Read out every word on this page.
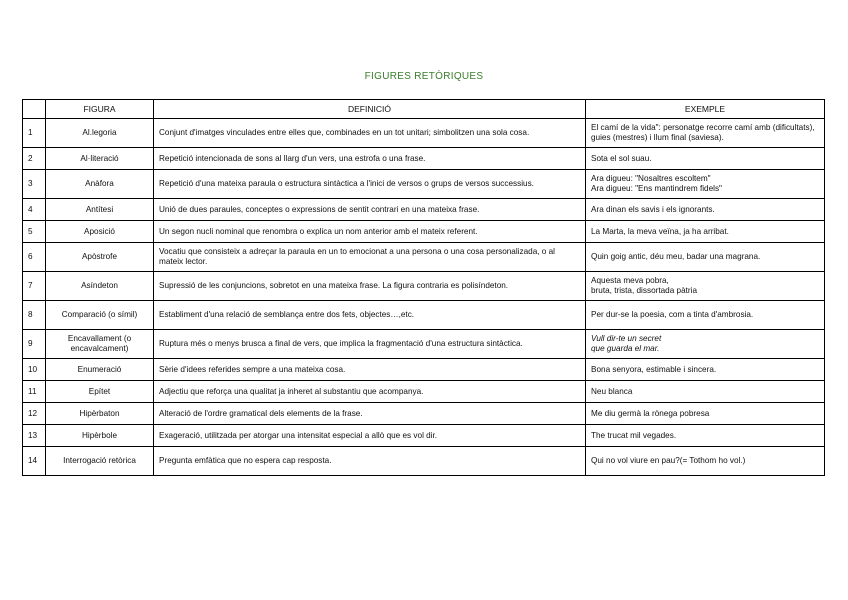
FIGURES RETÒRIQUES
	FIGURA	DEFINICIÓ	EXEMPLE
1	Al.legoria	Conjunt d'imatges vinculades entre elles que, combinades en un tot unitari; simbolitzen una sola cosa.	El camí de la vida": personatge recorre camí amb (dificultats), guies (mestres) i llum final (saviesa).
2	Al·literació	Repetició intencionada de sons al llarg d'un vers, una estrofa o una frase.	Sota el sol suau.
3	Anàfora	Repetició d'una mateixa paraula o estructura sintàctica a l'inici de versos o grups de versos successius.	Ara digueu: "Nosaltres escoltem"
Ara digueu: "Ens mantindrem fidels"
4	Antítesi	Unió de dues paraules, conceptes o expressions de sentit contrari en una mateixa frase.	Ara dinan els savis i els ignorants.
5	Aposició	Un segon nucli nominal que renombra o explica un nom anterior amb el mateix referent.	La Marta, la meva veïna, ja ha arribat.
6	Apòstrofe	Vocatiu que consisteix a adreçar la paraula en un to emocionat a una persona o una cosa personalizada, o al mateix lector.	Quin goig antic, déu meu, badar una magrana.
7	Asíndeton	Supressió de les conjuncions, sobretot en una mateixa frase. La figura contraria es polisíndeton.	Aquesta meva pobra,
bruta, trista, dissortada pàtria
8	Comparació (o símil)	Establiment d'una relació de semblança entre dos fets, objectes…,etc.	Per dur-se la poesia, com a tinta d'ambrosia.
9	Encavallament (o encavalcament)	Ruptura més o menys brusca a final de vers, que implica la fragmentació d'una estructura sintàctica.	Vull dir-te un secret
que guarda el mar.
10	Enumeració	Sèrie d'idees referides sempre a una mateixa cosa.	Bona senyora, estimable i sincera.
11	Epítet	Adjectiu que reforça una qualitat ja inheret al substantiu que acompanya.	Neu blanca
12	Hipèrbaton	Alteració de l'ordre gramatical dels elements de la frase.	Me diu germà la rònega pobresa
13	Hipèrbole	Exageració, utilitzada per atorgar una intensitat especial a allò que es vol dir.	The trucat mil vegades.
14	Interrogació retòrica	Pregunta emfàtica que no espera cap resposta.	Qui no vol viure en pau?(= Tothom ho vol.)
